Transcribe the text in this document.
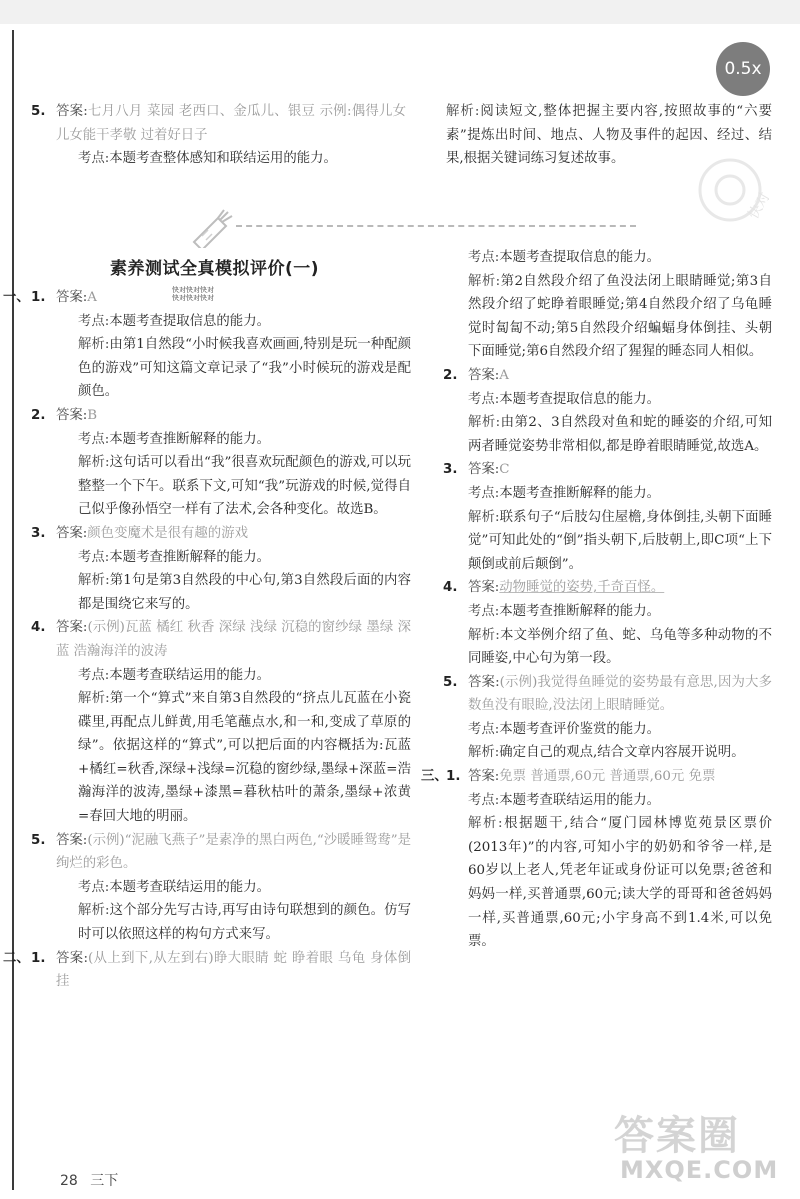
0.5x
5. 答案:七月八月 菜园 老西口、金瓜儿、银豆 示例:偶得儿女 儿女能干孝敬 过着好日子
考点:本题考查整体感知和联结运用的能力。
解析:阅读短文,整体把握主要内容,按照故事的“六要素”提炼出时间、地点、人物及事件的起因、经过、结果,根据关键词练习复述故事。
快对
素养测试全真模拟评价(一)
快对快对快对
快对快对快对
一、 1. 答案:A
考点:本题考查提取信息的能力。
解析:由第1自然段“小时候我喜欢画画,特别是玩一种配颜色的游戏”可知这篇文章记录了“我”小时候玩的游戏是配颜色。
2. 答案:B
考点:本题考查推断解释的能力。
解析:这句话可以看出“我”很喜欢玩配颜色的游戏,可以玩整整一个下午。联系下文,可知“我”玩游戏的时候,觉得自己似乎像孙悟空一样有了法术,会各种变化。故选B。
3. 答案:颜色变魔术是很有趣的游戏
考点:本题考查推断解释的能力。
解析:第1句是第3自然段的中心句,第3自然段后面的内容都是围绕它来写的。
4. 答案:(示例)瓦蓝 橘红 秋香 深绿 浅绿 沉稳的窗纱绿 墨绿 深蓝 浩瀚海洋的波涛
考点:本题考查联结运用的能力。
解析:第一个“算式”来自第3自然段的“挤点儿瓦蓝在小瓷碟里,再配点儿鲜黄,用毛笔蘸点水,和一和,变成了草原的绿”。依据这样的“算式”,可以把后面的内容概括为:瓦蓝+橘红=秋香,深绿+浅绿=沉稳的窗纱绿,墨绿+深蓝=浩瀚海洋的波涛,墨绿+漆黑=暮秋枯叶的萧条,墨绿+浓黄=春回大地的明丽。
5. 答案:(示例)“泥融飞燕子”是素净的黑白两色,“沙暖睡鸳鸯”是绚烂的彩色。
考点:本题考查联结运用的能力。
解析:这个部分先写古诗,再写由诗句联想到的颜色。仿写时可以依照这样的构句方式来写。
二、 1. 答案:(从上到下,从左到右)睁大眼睛 蛇 睁着眼 乌龟 身体倒挂
考点:本题考查提取信息的能力。
解析:第2自然段介绍了鱼没法闭上眼睛睡觉;第3自然段介绍了蛇睁着眼睡觉;第4自然段介绍了乌龟睡觉时匐匐不动;第5自然段介绍蝙蝠身体倒挂、头朝下面睡觉;第6自然段介绍了猩猩的睡态同人相似。
2. 答案:A
考点:本题考查提取信息的能力。
解析:由第2、3自然段对鱼和蛇的睡姿的介绍,可知两者睡觉姿势非常相似,都是睁着眼睛睡觉,故选A。
3. 答案:C
考点:本题考查推断解释的能力。
解析:联系句子“后肢勾住屋檐,身体倒挂,头朝下面睡觉”可知此处的“倒”指头朝下,后肢朝上,即C项“上下颠倒或前后颠倒”。
4. 答案:动物睡觉的姿势,千奇百怪。
考点:本题考查推断解释的能力。
解析:本文举例介绍了鱼、蛇、乌龟等多种动物的不同睡姿,中心句为第一段。
5. 答案:(示例)我觉得鱼睡觉的姿势最有意思,因为大多数鱼没有眼睑,没法闭上眼睛睡觉。
考点:本题考查评价鉴赏的能力。
解析:确定自己的观点,结合文章内容展开说明。
三、
1. 答案:免票 普通票,60元 普通票,60元 免票
考点:本题考查联结运用的能力。
解析:根据题干,结合“厦门园林博览苑景区票价(2013年)”的内容,可知小宇的奶奶和爷爷一样,是60岁以上老人,凭老年证或身份证可以免票;爸爸和妈妈一样,买普通票,60元;读大学的哥哥和爸爸妈妈一样,买普通票,60元;小宇身高不到1.4米,可以免票。
28 三下
答案圈
MXQE.COM
